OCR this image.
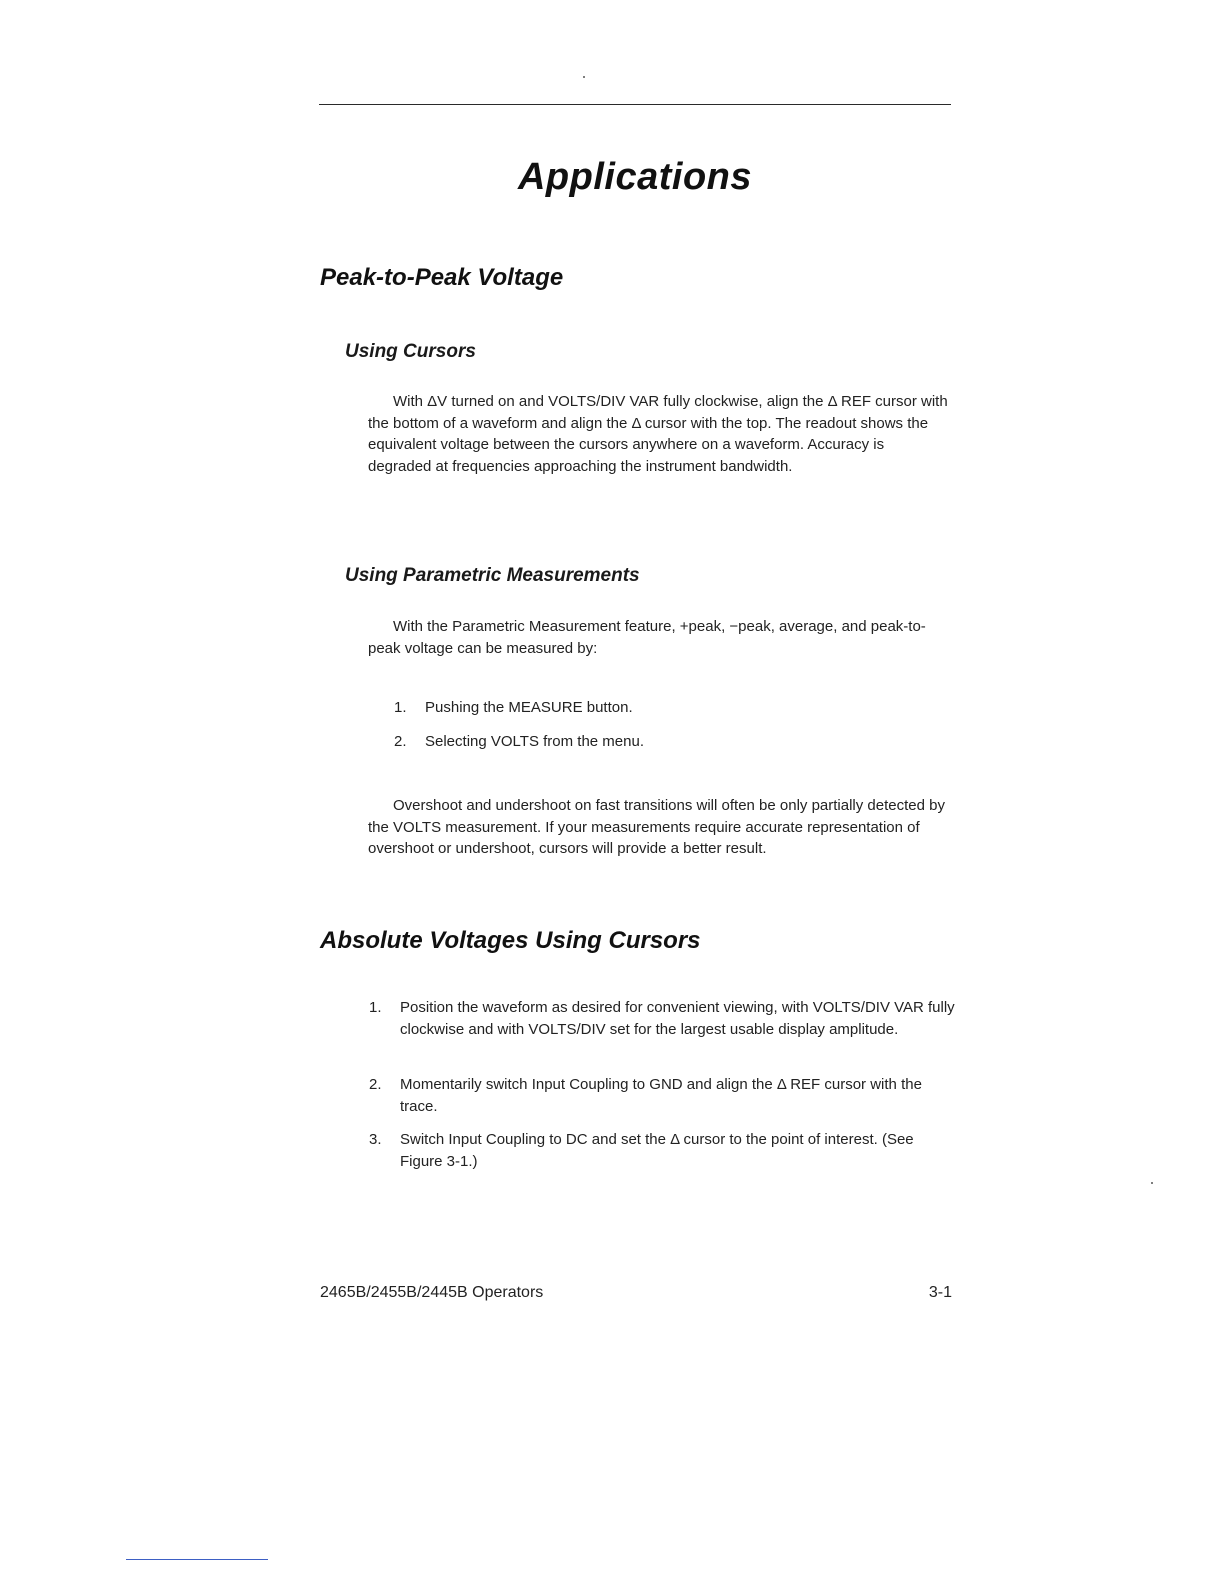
Applications
Peak-to-Peak Voltage
Using Cursors

With ΔV turned on and VOLTS/DIV VAR fully clockwise, align the Δ REF cursor with the bottom of a waveform and align the Δ cursor with the top. The readout shows the equivalent voltage between the cursors anywhere on a waveform. Accuracy is degraded at frequencies approaching the instrument bandwidth.

Using Parametric Measurements

With the Parametric Measurement feature, +peak, −peak, average, and peak-to-peak voltage can be measured by:

1.	Pushing the MEASURE button.
2.	Selecting VOLTS from the menu.

Overshoot and undershoot on fast transitions will often be only partially detected by the VOLTS measurement. If your measurements require accurate representation of overshoot or undershoot, cursors will provide a better result.

Absolute Voltages Using Cursors
1.	Position the waveform as desired for convenient viewing, with VOLTS/DIV VAR fully clockwise and with VOLTS/DIV set for the largest usable display amplitude.
2.	Momentarily switch Input Coupling to GND and align the Δ REF cursor with the trace.
3.	Switch Input Coupling to DC and set the Δ cursor to the point of interest. (See Figure 3-1.)
2465B/2455B/2445B Operators	3-1
